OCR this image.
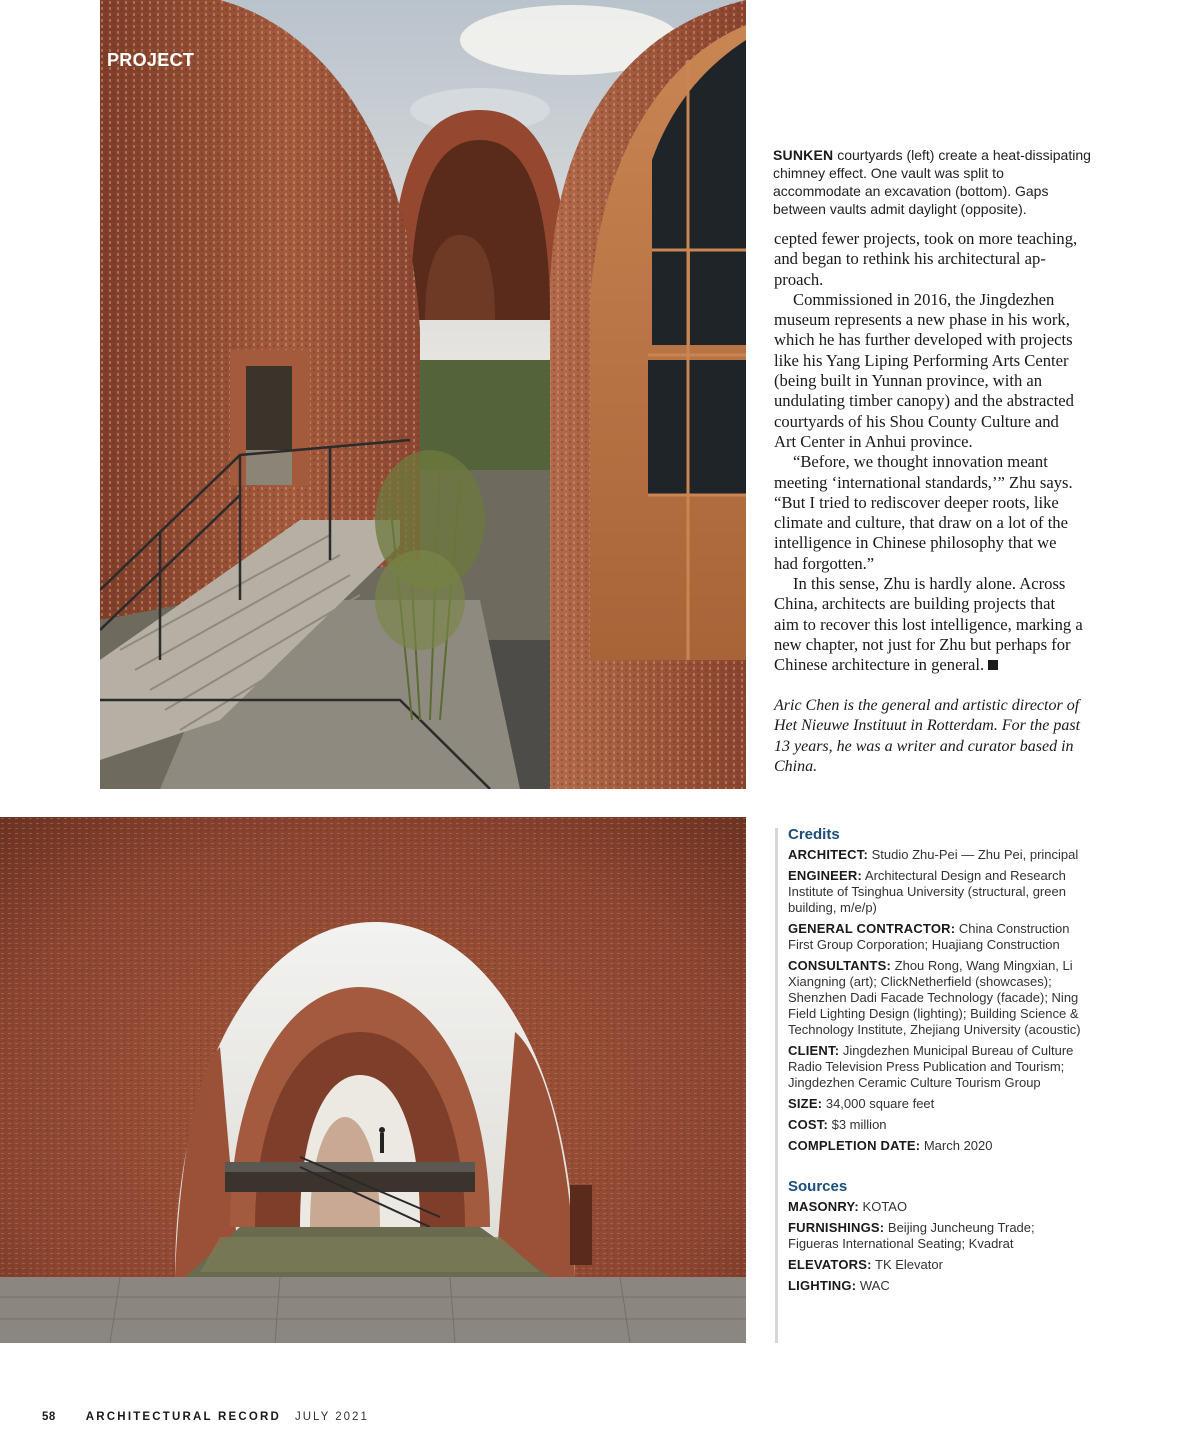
PROJECT
SUNKEN courtyards (left) create a heat-dissipating chimney effect. One vault was split to accommodate an excavation (bottom). Gaps between vaults admit daylight (opposite).

cepted fewer projects, took on more teaching, and began to rethink his architectural ap-proach.

Commissioned in 2016, the Jingdezhen museum represents a new phase in his work, which he has further developed with projects like his Yang Liping Performing Arts Center (being built in Yunnan province, with an undulating timber canopy) and the abstracted courtyards of his Shou County Culture and Art Center in Anhui province.

“Before, we thought innovation meant meeting ‘international standards,’” Zhu says. “But I tried to rediscover deeper roots, like climate and culture, that draw on a lot of the intelligence in Chinese philosophy that we had forgotten.”

In this sense, Zhu is hardly alone. Across China, architects are building projects that aim to recover this lost intelligence, marking a new chapter, not just for Zhu but perhaps for Chinese architecture in general.

Aric Chen is the general and artistic director of Het Nieuwe Instituut in Rotterdam. For the past 13 years, he was a writer and curator based in China.
Credits
ARCHITECT: Studio Zhu-Pei — Zhu Pei, principal
ENGINEER: Architectural Design and Research Institute of Tsinghua University (structural, green building, m/e/p)
GENERAL CONTRACTOR: China Construction First Group Corporation; Huajiang Construction
CONSULTANTS: Zhou Rong, Wang Mingxian, Li Xiangning (art); ClickNetherfield (showcases); Shenzhen Dadi Facade Technology (facade); Ning Field Lighting Design (lighting); Building Science & Technology Institute, Zhejiang University (acoustic)
CLIENT: Jingdezhen Municipal Bureau of Culture Radio Television Press Publication and Tourism; Jingdezhen Ceramic Culture Tourism Group
SIZE: 34,000 square feet
COST: $3 million
COMPLETION DATE: March 2020
Sources
MASONRY: KOTAO
FURNISHINGS: Beijing Juncheung Trade; Figueras International Seating; Kvadrat
ELEVATORS: TK Elevator
LIGHTING: WAC
58	ARCHITECTURAL RECORD JULY 2021
